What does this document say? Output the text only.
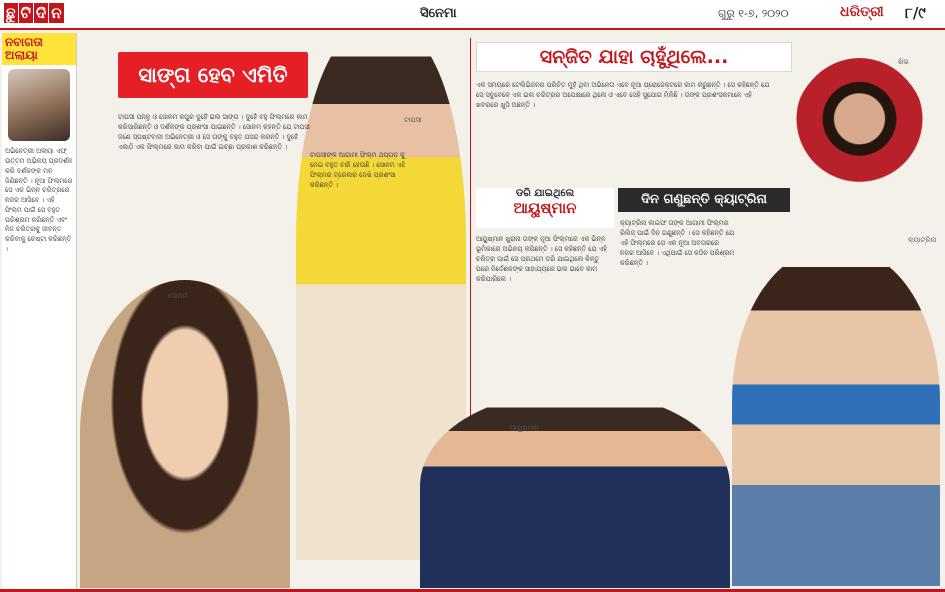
ଛୁ ଟି ଦି ନ	ସିନେମା	ଗୁରୁ ୧-୭, ୨୦୨୦	ଧରିତ୍ରୀ ୮/୯
ନବାଗତା ଅଲାୟା
ଅଭିନେତ୍ରୀ ଅଲାୟା ଏଫ୍‌ ଉତ୍ତମ ଅଭିନୟ ପ୍ରଦର୍ଶନ କରି ଦର୍ଶକଙ୍କ ମନ ଜିଣିଛନ୍ତି । ନୂଆ ଫିଲ୍ମରେ ସେ ଏକ ଭିନ୍ନ ଚରିତ୍ରରେ ନଜର ଆସିବେ । ଏହି ଫିଲ୍ମ ପାଇଁ ସେ ବହୁତ ପରିଶ୍ରମ କରିଛନ୍ତି ଏବଂ ନିଜ ଚରିତ୍ରକୁ ଜୀବନ୍ତ କରିବାକୁ ଚେଷ୍ଟା କରିଛନ୍ତି ।
ସୋନମ
ଟାପସୀ
ସାଙ୍ଗ ହେବ ଏମିତି
ଟାପସୀ ପନ୍ନୁ ଓ ସୋନମ କପୁର ଦୁହେଁ ଭଲ ସାଙ୍ଗ । ଦୁହେଁ ବହୁ ଫିଲ୍ମରେ କାମ କରିସାରିଛନ୍ତି ଓ ଦର୍ଶକଙ୍କ ପ୍ରଶଂସା ପାଇଛନ୍ତି । ସୋନମ କହନ୍ତି ଯେ ଟାପସୀ ଜଣେ ସ୍ପଷ୍ଟବାଦୀ ଅଭିନେତ୍ରୀ ଓ ସେ ତାଙ୍କୁ ବହୁତ ପସନ୍ଦ କରନ୍ତି । ଦୁହେଁ ଏକାଠି ଏକ ଫିଲ୍ମରେ କାମ କରିବା ପାଇଁ ଇଚ୍ଛା ପ୍ରକାଶ କରିଛନ୍ତି ।
ଟାପସୀଙ୍କ ଆଗାମୀ ଫିଲ୍ମ ଥପ୍ପଡ଼ କୁ ନେଇ ବହୁତ ଚର୍ଚ୍ଚା ହେଉଛି । ସୋନମ ଏହି ଫିଲ୍ମର ଟ୍ରେଲର ଦେଖି ପ୍ରଶଂସା କରିଛନ୍ତି ।
ସନ୍ଜିତ ଯାହା ଚାହୁଁଥିଲେ...
ଏକ ସମୟରେ ଟେଲିଭିଜନର ପରିଚିତ ମୁହଁ ଥିବା ଅଭିନେତା ଏବେ ନୂଆ ପ୍ରୋଜେକ୍ଟରେ କାମ କରୁଛନ୍ତି । ସେ କହିଛନ୍ତି ଯେ ସେ ସବୁବେଳେ ଏକ ଭଲ ଚରିତ୍ରର ଅପେକ୍ଷାରେ ଥିଲେ ଓ ଏବେ ସେହି ସୁଯୋଗ ମିଳିଛି । ତାଙ୍କ ପ୍ରଶଂସକମାନେ ଏହି ଖବରରେ ଖୁସି ଅଛନ୍ତି ।
ଶିଭ
ଡରି ଯାଇଥିଲେ
ଆୟୁଷ୍ମାନ
ଆୟୁଷ୍ମାନ ଖୁରାନା ତାଙ୍କ ନୂଆ ଫିଲ୍ମରେ ଏକ ଭିନ୍ନ ଭୂମିକାରେ ଅଭିନୟ କରିଛନ୍ତି । ସେ କହିଛନ୍ତି ଯେ ଏହି ଚରିତ୍ର ପାଇଁ ସେ ପ୍ରଥମେ ଡରି ଯାଇଥିଲେ କିନ୍ତୁ ପରେ ନିର୍ଦ୍ଦେଶକଙ୍କ ସାହାଯ୍ୟରେ ଭଲ ଭାବେ କାମ କରିପାରିଲେ ।
ଦିନ ଗଣୁଛନ୍ତି କ୍ୟାଟ୍ରିନା
କ୍ୟାଟ୍ରିନା କାଇଫ ତାଙ୍କ ଆଗାମୀ ଫିଲ୍ମର ରିଲିଜ୍‌ ପାଇଁ ଦିନ ଗଣୁଛନ୍ତି । ସେ କହିଛନ୍ତି ଯେ ଏହି ଫିଲ୍ମରେ ସେ ଏକ ନୂଆ ଅବତାରରେ ନଜର ଆସିବେ । ଏଥିପାଇଁ ସେ କଠିନ ପରିଶ୍ରମ କରିଛନ୍ତି ।
ଆୟୁଷ୍ମାନ
କ୍ୟାଟ୍ରିନା
